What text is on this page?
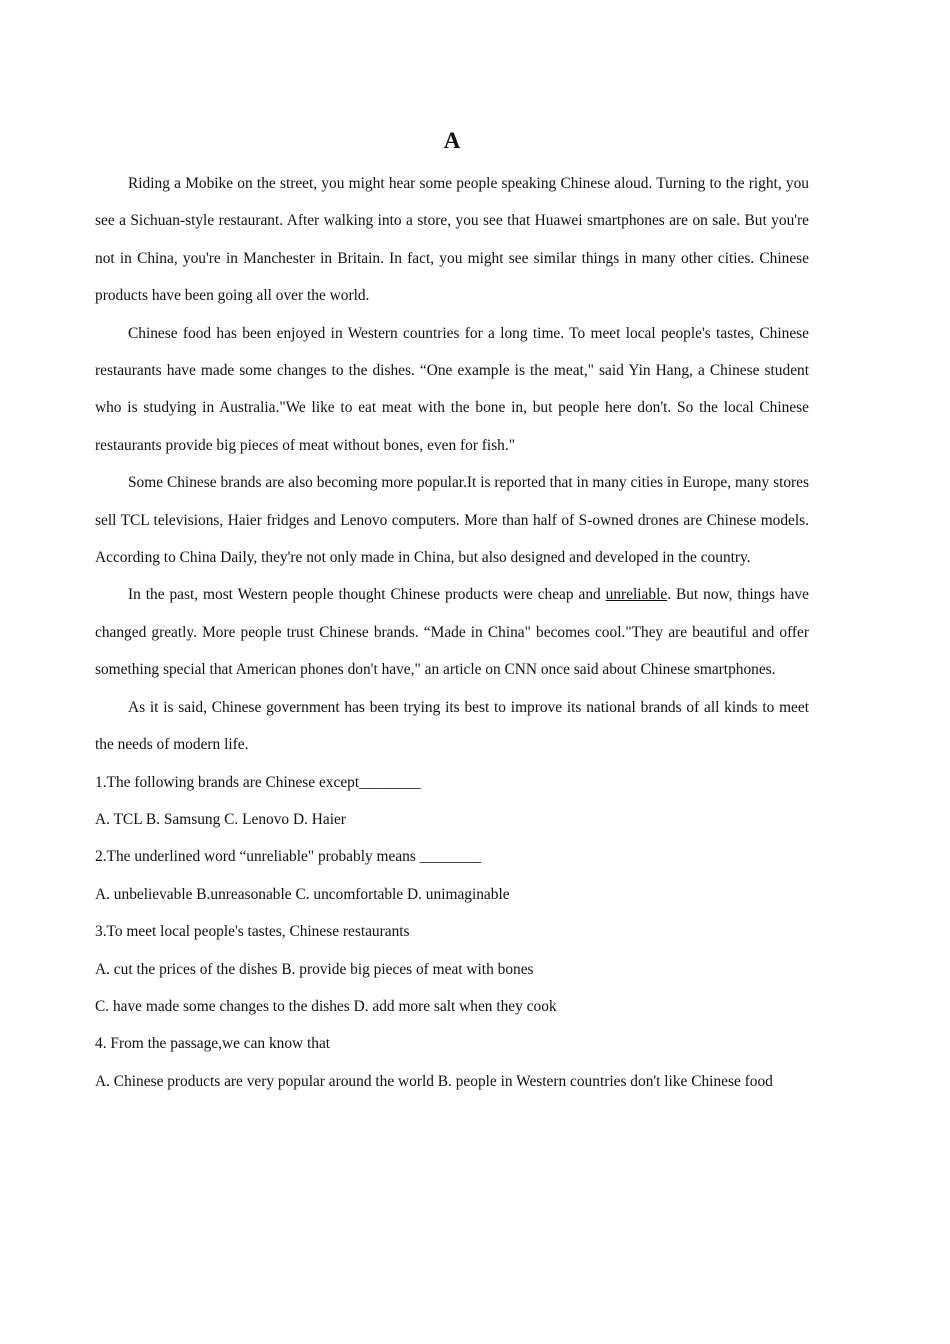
A

Riding a Mobike on the street, you might hear some people speaking Chinese aloud. Turning to the right, you see a Sichuan-style restaurant. After walking into a store, you see that Huawei smartphones are on sale. But you're not in China, you're in Manchester in Britain. In fact, you might see similar things in many other cities. Chinese products have been going all over the world.

Chinese food has been enjoyed in Western countries for a long time. To meet local people's tastes, Chinese restaurants have made some changes to the dishes. “One example is the meat," said Yin Hang, a Chinese student who is studying in Australia."We like to eat meat with the bone in, but people here don't. So the local Chinese restaurants provide big pieces of meat without bones, even for fish."

Some Chinese brands are also becoming more popular.It is reported that in many cities in Europe, many stores sell TCL televisions, Haier fridges and Lenovo computers. More than half of S-owned drones are Chinese models. According to China Daily, they're not only made in China, but also designed and developed in the country.

In the past, most Western people thought Chinese products were cheap and unreliable. But now, things have changed greatly. More people trust Chinese brands. “Made in China" becomes cool."They are beautiful and offer something special that American phones don't have," an article on CNN once said about Chinese smartphones.

As it is said, Chinese government has been trying its best to improve its national brands of all kinds to meet the needs of modern life.

1.The following brands are Chinese except________

A. TCL B. Samsung C. Lenovo D. Haier

2.The underlined word “unreliable" probably means ________

A. unbelievable B.unreasonable C. uncomfortable D. unimaginable

3.To meet local people's tastes, Chinese restaurants

A. cut the prices of the dishes B. provide big pieces of meat with bones

C. have made some changes to the dishes D. add more salt when they cook

4. From the passage,we can know that

A. Chinese products are very popular around the world B. people in Western countries don't like Chinese food
